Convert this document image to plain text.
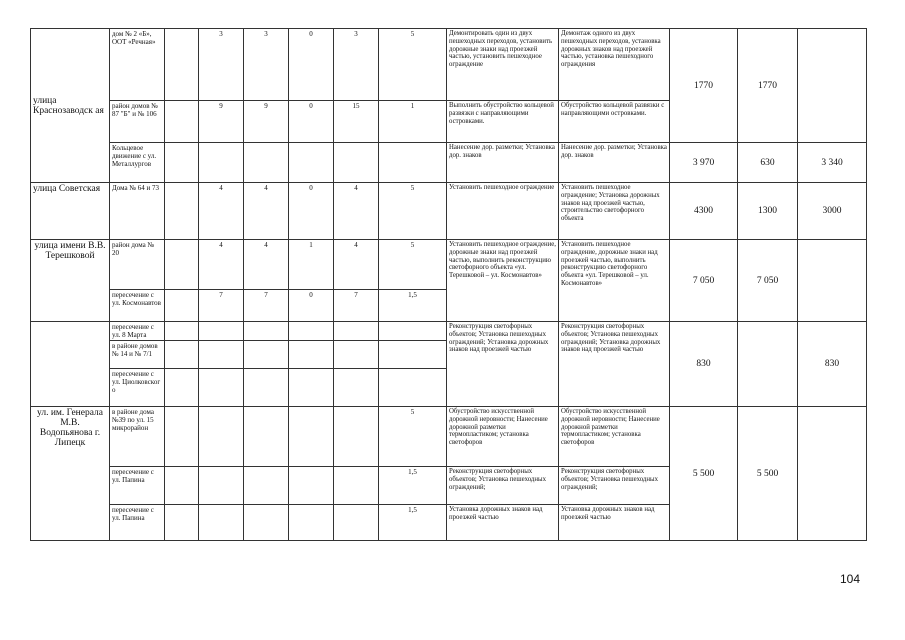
улица Краснозаводск ая	дом № 2 «Б», ООТ «Речная»		3	3	0	3	5	Демонтировать один из двух пешеходных переходов, установить дорожные знаки над проезжей частью, установить пешеходное ограждение	Демонтаж одного из двух пешеходных переходов, установка дорожных знаков над проезжей частью, установка пешеходного ограждения	1770	1770	
	район домов № 87 "Б" и № 106		9	9	0	15	1	Выполнить обустройство кольцевой развязки с направляющими островками.	Обустройство кольцевой развязки с направляющими островками.			
	Кольцевое движение с ул. Металлургов							Нанесение дор. разметки; Установка дор. знаков	Нанесение дор. разметки; Установка дор. знаков	3 970	630	3 340
улица Советская	Дома № 64 и 73		4	4	0	4	5	Установить пешеходное ограждение	Установить пешеходное ограждение; Установка дорожных знаков над проезжей частью, строительство светофорного объекта	4300	1300	3000
улица имени В.В. Терешковой	район дома № 20		4	4	1	4	5	Установить пешеходное ограждение, дорожные знаки над проезжей частью, выполнить реконструкцию светофорного объекта «ул. Терешковой – ул. Космонавтов»	Установить пешеходное ограждение, дорожные знаки над проезжей частью, выполнить реконструкцию светофорного объекта «ул. Терешковой – ул. Космонавтов»	7 050	7 050	
	пересечение с ул. Космонавтов		7	7	0	7	1,5					
	пересечение с ул. 8 Марта							Реконструкция светофорных объектов; Установка пешеходных ограждений; Установка дорожных знаков над проезжей частью	Реконструкция светофорных объектов; Установка пешеходных ограждений; Установка дорожных знаков над проезжей частью	830		830
	в районе домов № 14 и № 7/1											
	пересечение с ул. Циолковског о											
ул. им. Генерала М.В. Водопьянова г. Липецк	в районе дома №39 по ул. 15 микрорайон						5	Обустройство искусственной дорожной неровности; Нанесение дорожной разметки термопластиком; установка светофоров	Обустройство искусственной дорожной неровности; Нанесение дорожной разметки термопластиком; установка светофоров	5 500	5 500	
	пересечение с ул. Папина						1,5	Реконструкция светофорных объектов; Установка пешеходных ограждений;	Реконструкция светофорных объектов; Установка пешеходных ограждений;			
	пересечение с ул. Папина						1,5	Установка дорожных знаков над проезжей частью	Установка дорожных знаков над проезжей частью			
104
